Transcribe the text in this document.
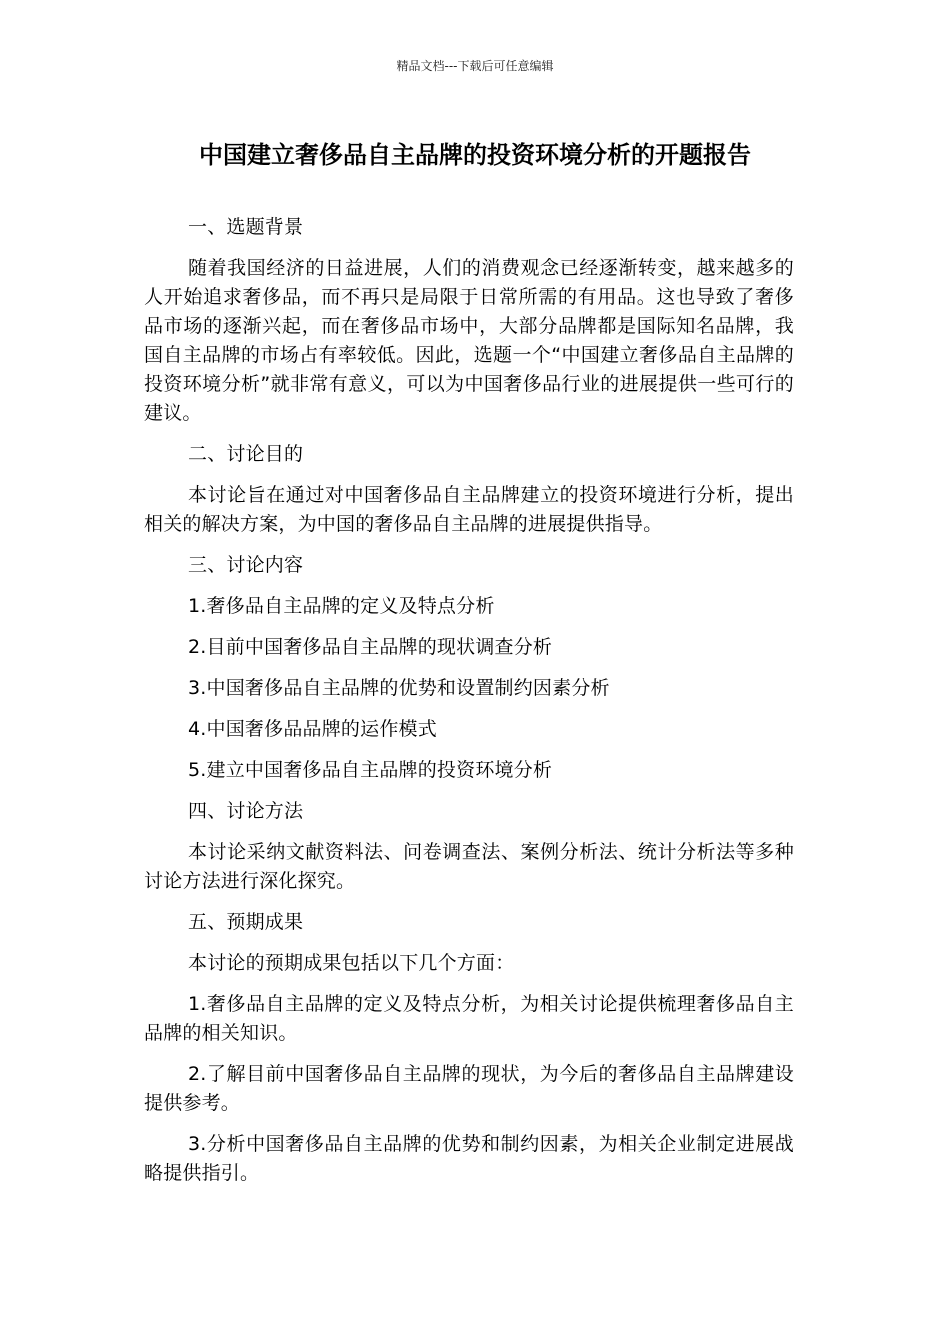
精品文档---下载后可任意编辑
中国建立奢侈品自主品牌的投资环境分析的开题报告

一、选题背景

随着我国经济的日益进展，人们的消费观念已经逐渐转变，越来越多的人开始追求奢侈品，而不再只是局限于日常所需的有用品。这也导致了奢侈品市场的逐渐兴起，而在奢侈品市场中，大部分品牌都是国际知名品牌，我国自主品牌的市场占有率较低。因此，选题一个“中国建立奢侈品自主品牌的投资环境分析”就非常有意义，可以为中国奢侈品行业的进展提供一些可行的建议。

二、讨论目的

本讨论旨在通过对中国奢侈品自主品牌建立的投资环境进行分析，提出相关的解决方案，为中国的奢侈品自主品牌的进展提供指导。

三、讨论内容

1.奢侈品自主品牌的定义及特点分析

2.目前中国奢侈品自主品牌的现状调查分析

3.中国奢侈品自主品牌的优势和设置制约因素分析

4.中国奢侈品品牌的运作模式

5.建立中国奢侈品自主品牌的投资环境分析

四、讨论方法

本讨论采纳文献资料法、问卷调查法、案例分析法、统计分析法等多种讨论方法进行深化探究。

五、预期成果

本讨论的预期成果包括以下几个方面：

1.奢侈品自主品牌的定义及特点分析，为相关讨论提供梳理奢侈品自主品牌的相关知识。

2.了解目前中国奢侈品自主品牌的现状，为今后的奢侈品自主品牌建设提供参考。

3.分析中国奢侈品自主品牌的优势和制约因素，为相关企业制定进展战略提供指引。
